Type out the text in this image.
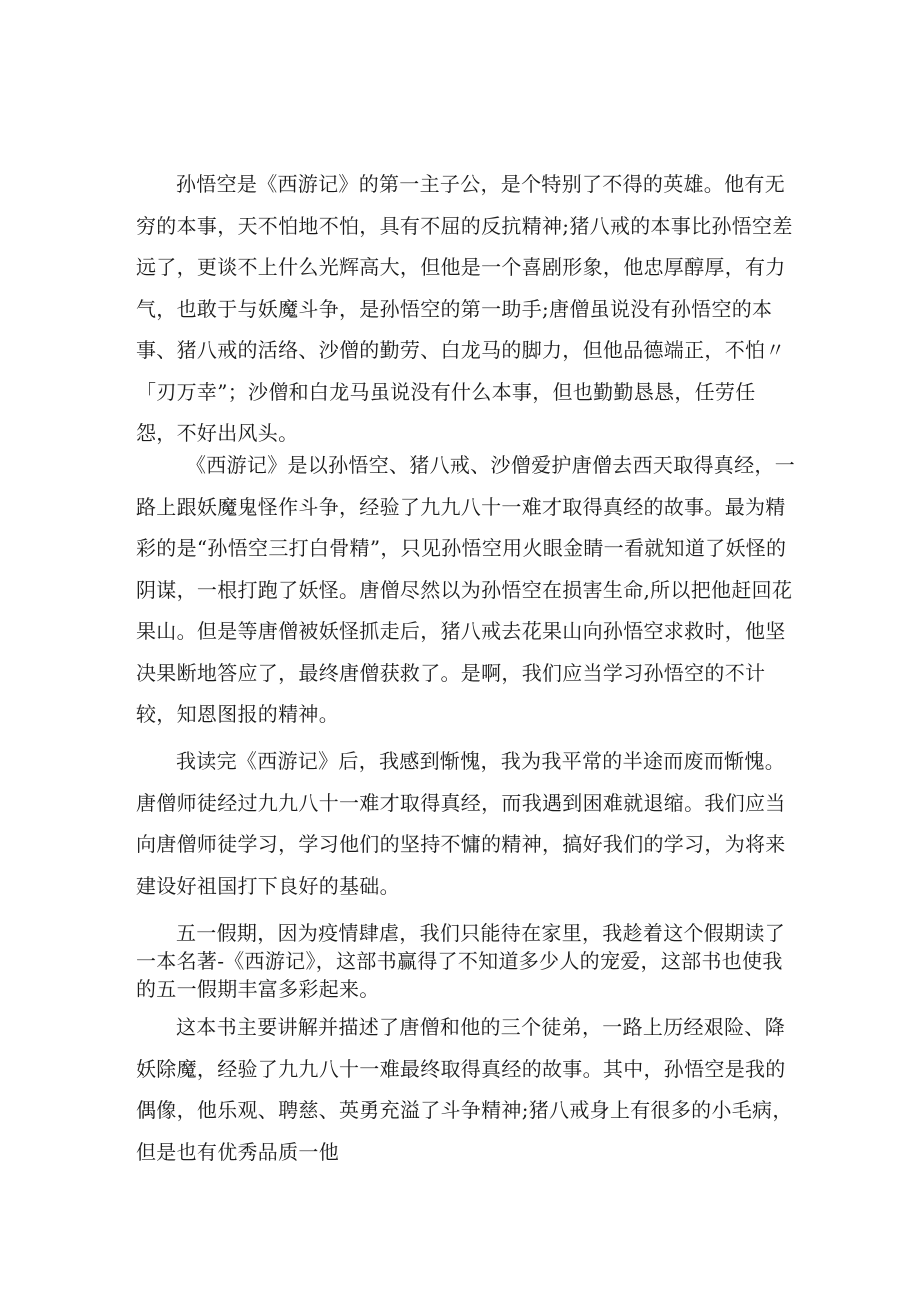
孙悟空是《西游记》的第一主子公，是个特别了不得的英雄。他有无穷的本事，天不怕地不怕，具有不屈的反抗精神;猪八戒的本事比孙悟空差远了，更谈不上什么光辉高大，但他是一个喜剧形象，他忠厚醇厚，有力气，也敢于与妖魔斗争，是孙悟空的第一助手;唐僧虽说没有孙悟空的本事、猪八戒的活络、沙僧的勤劳、白龙马的脚力，但他品德端正，不怕〃「刃万幸”；沙僧和白龙马虽说没有什么本事，但也勤勤恳恳，任劳任怨，不好出风头。

《西游记》是以孙悟空、猪八戒、沙僧爱护唐僧去西天取得真经，一路上跟妖魔鬼怪作斗争，经验了九九八十一难才取得真经的故事。最为精彩的是“孙悟空三打白骨精”，只见孙悟空用火眼金睛一看就知道了妖怪的阴谋，一根打跑了妖怪。唐僧尽然以为孙悟空在损害生命,所以把他赶回花果山。但是等唐僧被妖怪抓走后，猪八戒去花果山向孙悟空求救时，他坚决果断地答应了，最终唐僧获救了。是啊，我们应当学习孙悟空的不计较，知恩图报的精神。

我读完《西游记》后，我感到惭愧，我为我平常的半途而废而惭愧。唐僧师徒经过九九八十一难才取得真经，而我遇到困难就退缩。我们应当向唐僧师徒学习，学习他们的坚持不慵的精神，搞好我们的学习，为将来建设好祖国打下良好的基础。

五一假期，因为疫情肆虐，我们只能待在家里，我趁着这个假期读了一本名著-《西游记》，这部书赢得了不知道多少人的宠爱，这部书也使我的五一假期丰富多彩起来。

这本书主要讲解并描述了唐僧和他的三个徒弟，一路上历经艰险、降妖除魔，经验了九九八十一难最终取得真经的故事。其中，孙悟空是我的偶像，他乐观、聘慈、英勇充溢了斗争精神;猪八戒身上有很多的小毛病，但是也有优秀品质一他
